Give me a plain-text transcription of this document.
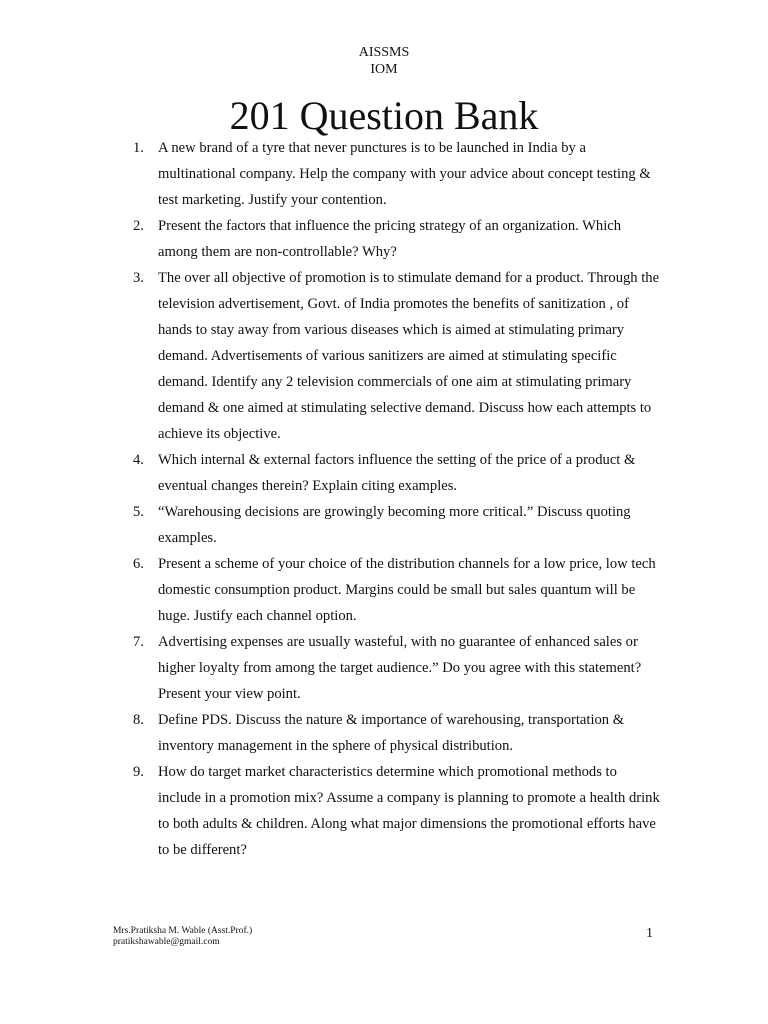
AISSMS
IOM
201 Question Bank
1. A new brand of a tyre that never punctures is to be launched in India by a multinational company. Help the company with your advice about concept testing & test marketing. Justify your contention.
2. Present the factors that influence the pricing strategy of an organization. Which among them are non-controllable? Why?
3. The over all objective of promotion is to stimulate demand for a product. Through the television advertisement, Govt. of India promotes the benefits of sanitization , of hands to stay away from various diseases which is aimed at stimulating primary demand. Advertisements of various sanitizers are aimed at stimulating specific demand. Identify any 2 television commercials of one aim at stimulating primary demand & one aimed at stimulating selective demand. Discuss how each attempts to achieve its objective.
4. Which internal & external factors influence the setting of the price of a product & eventual changes therein? Explain citing examples.
5. “Warehousing decisions are growingly becoming more critical.” Discuss quoting examples.
6. Present a scheme of your choice of the distribution channels for a low price, low tech domestic consumption product. Margins could be small but sales quantum will be huge. Justify each channel option.
7. Advertising expenses are usually wasteful, with no guarantee of enhanced sales or higher loyalty from among the target audience.” Do you agree with this statement? Present your view point.
8. Define PDS. Discuss the nature & importance of warehousing, transportation & inventory management in the sphere of physical distribution.
9. How do target market characteristics determine which promotional methods to include in a promotion mix? Assume a company is planning to promote a health drink to both adults & children. Along what major dimensions the promotional efforts have to be different?
Mrs.Pratiksha M. Wable (Asst.Prof.)
pratikshawable@gmail.com
1
